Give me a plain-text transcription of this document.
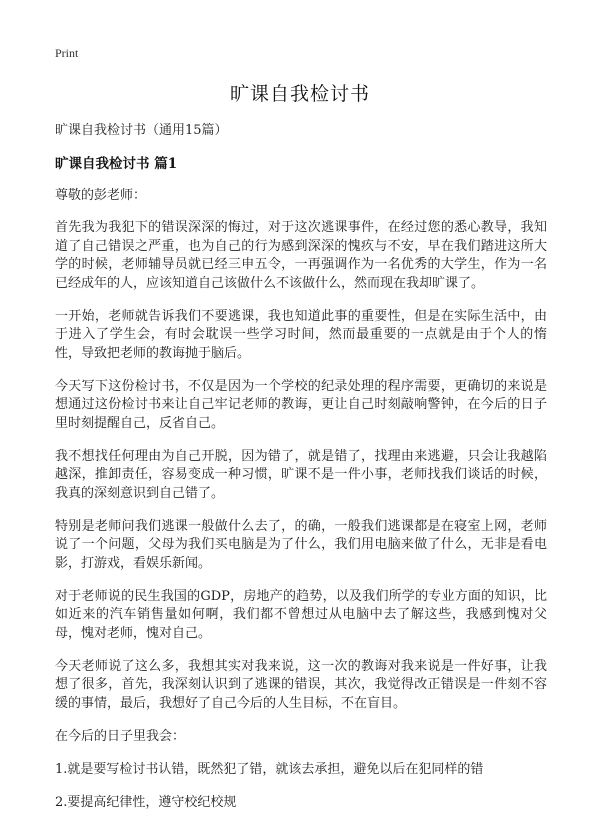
Print
旷课自我检讨书

旷课自我检讨书（通用15篇）

旷课自我检讨书 篇1

尊敬的彭老师：

首先我为我犯下的错误深深的悔过，对于这次逃课事件，在经过您的悉心教导，我知道了自己错误之严重，也为自己的行为感到深深的愧疚与不安，早在我们踏进这所大学的时候，老师辅导员就已经三申五令，一再强调作为一名优秀的大学生，作为一名已经成年的人，应该知道自己该做什么不该做什么，然而现在我却旷课了。

一开始，老师就告诉我们不要逃课，我也知道此事的重要性，但是在实际生活中，由于进入了学生会，有时会耽误一些学习时间，然而最重要的一点就是由于个人的惰性，导致把老师的教诲抛于脑后。

今天写下这份检讨书，不仅是因为一个学校的纪录处理的程序需要，更确切的来说是想通过这份检讨书来让自己牢记老师的教诲，更让自己时刻敲响警钟，在今后的日子里时刻提醒自己，反省自己。

我不想找任何理由为自己开脱，因为错了，就是错了，找理由来逃避，只会让我越陷越深，推卸责任，容易变成一种习惯，旷课不是一件小事，老师找我们谈话的时候，我真的深刻意识到自己错了。

特别是老师问我们逃课一般做什么去了，的确，一般我们逃课都是在寝室上网，老师说了一个问题，父母为我们买电脑是为了什么，我们用电脑来做了什么，无非是看电影，打游戏，看娱乐新闻。

对于老师说的民生我国的GDP，房地产的趋势，以及我们所学的专业方面的知识，比如近来的汽车销售量如何啊，我们都不曾想过从电脑中去了解这些，我感到愧对父母，愧对老师，愧对自己。

今天老师说了这么多，我想其实对我来说，这一次的教诲对我来说是一件好事，让我想了很多，首先，我深刻认识到了逃课的错误，其次，我觉得改正错误是一件刻不容缓的事情，最后，我想好了自己今后的人生目标，不在盲目。

在今后的日子里我会：

1.就是要写检讨书认错，既然犯了错，就该去承担，避免以后在犯同样的错

2.要提高纪律性，遵守校纪校规
